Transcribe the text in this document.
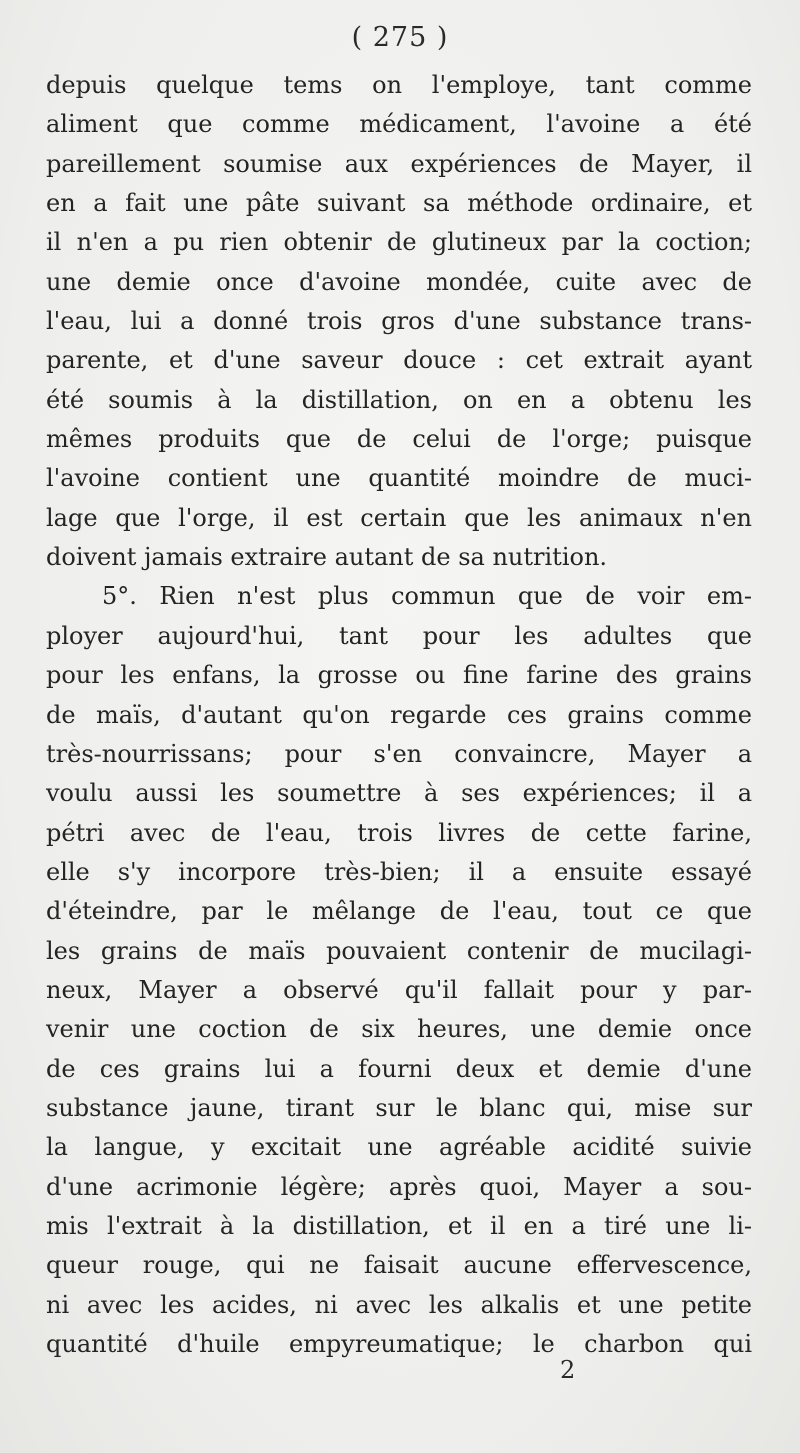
( 275 )
depuis quelque tems on l'employe, tant comme
aliment que comme médicament, l'avoine a été
pareillement soumise aux expériences de Mayer, il
en a fait une pâte suivant sa méthode ordinaire, et
il n'en a pu rien obtenir de glutineux par la coction;
une demie once d'avoine mondée, cuite avec de
l'eau, lui a donné trois gros d'une substance trans-
parente, et d'une saveur douce : cet extrait ayant
été soumis à la distillation, on en a obtenu les
mêmes produits que de celui de l'orge; puisque
l'avoine contient une quantité moindre de muci-
lage que l'orge, il est certain que les animaux n'en
doivent jamais extraire autant de sa nutrition.
5°. Rien n'est plus commun que de voir em-
ployer aujourd'hui, tant pour les adultes que
pour les enfans, la grosse ou fine farine des grains
de maïs, d'autant qu'on regarde ces grains comme
très-nourrissans; pour s'en convaincre, Mayer a
voulu aussi les soumettre à ses expériences; il a
pétri avec de l'eau, trois livres de cette farine,
elle s'y incorpore très-bien; il a ensuite essayé
d'éteindre, par le mêlange de l'eau, tout ce que
les grains de maïs pouvaient contenir de mucilagi-
neux, Mayer a observé qu'il fallait pour y par-
venir une coction de six heures, une demie once
de ces grains lui a fourni deux et demie d'une
substance jaune, tirant sur le blanc qui, mise sur
la langue, y excitait une agréable acidité suivie
d'une acrimonie légère; après quoi, Mayer a sou-
mis l'extrait à la distillation, et il en a tiré une li-
queur rouge, qui ne faisait aucune effervescence,
ni avec les acides, ni avec les alkalis et une petite
quantité d'huile empyreumatique; le charbon qui
2
